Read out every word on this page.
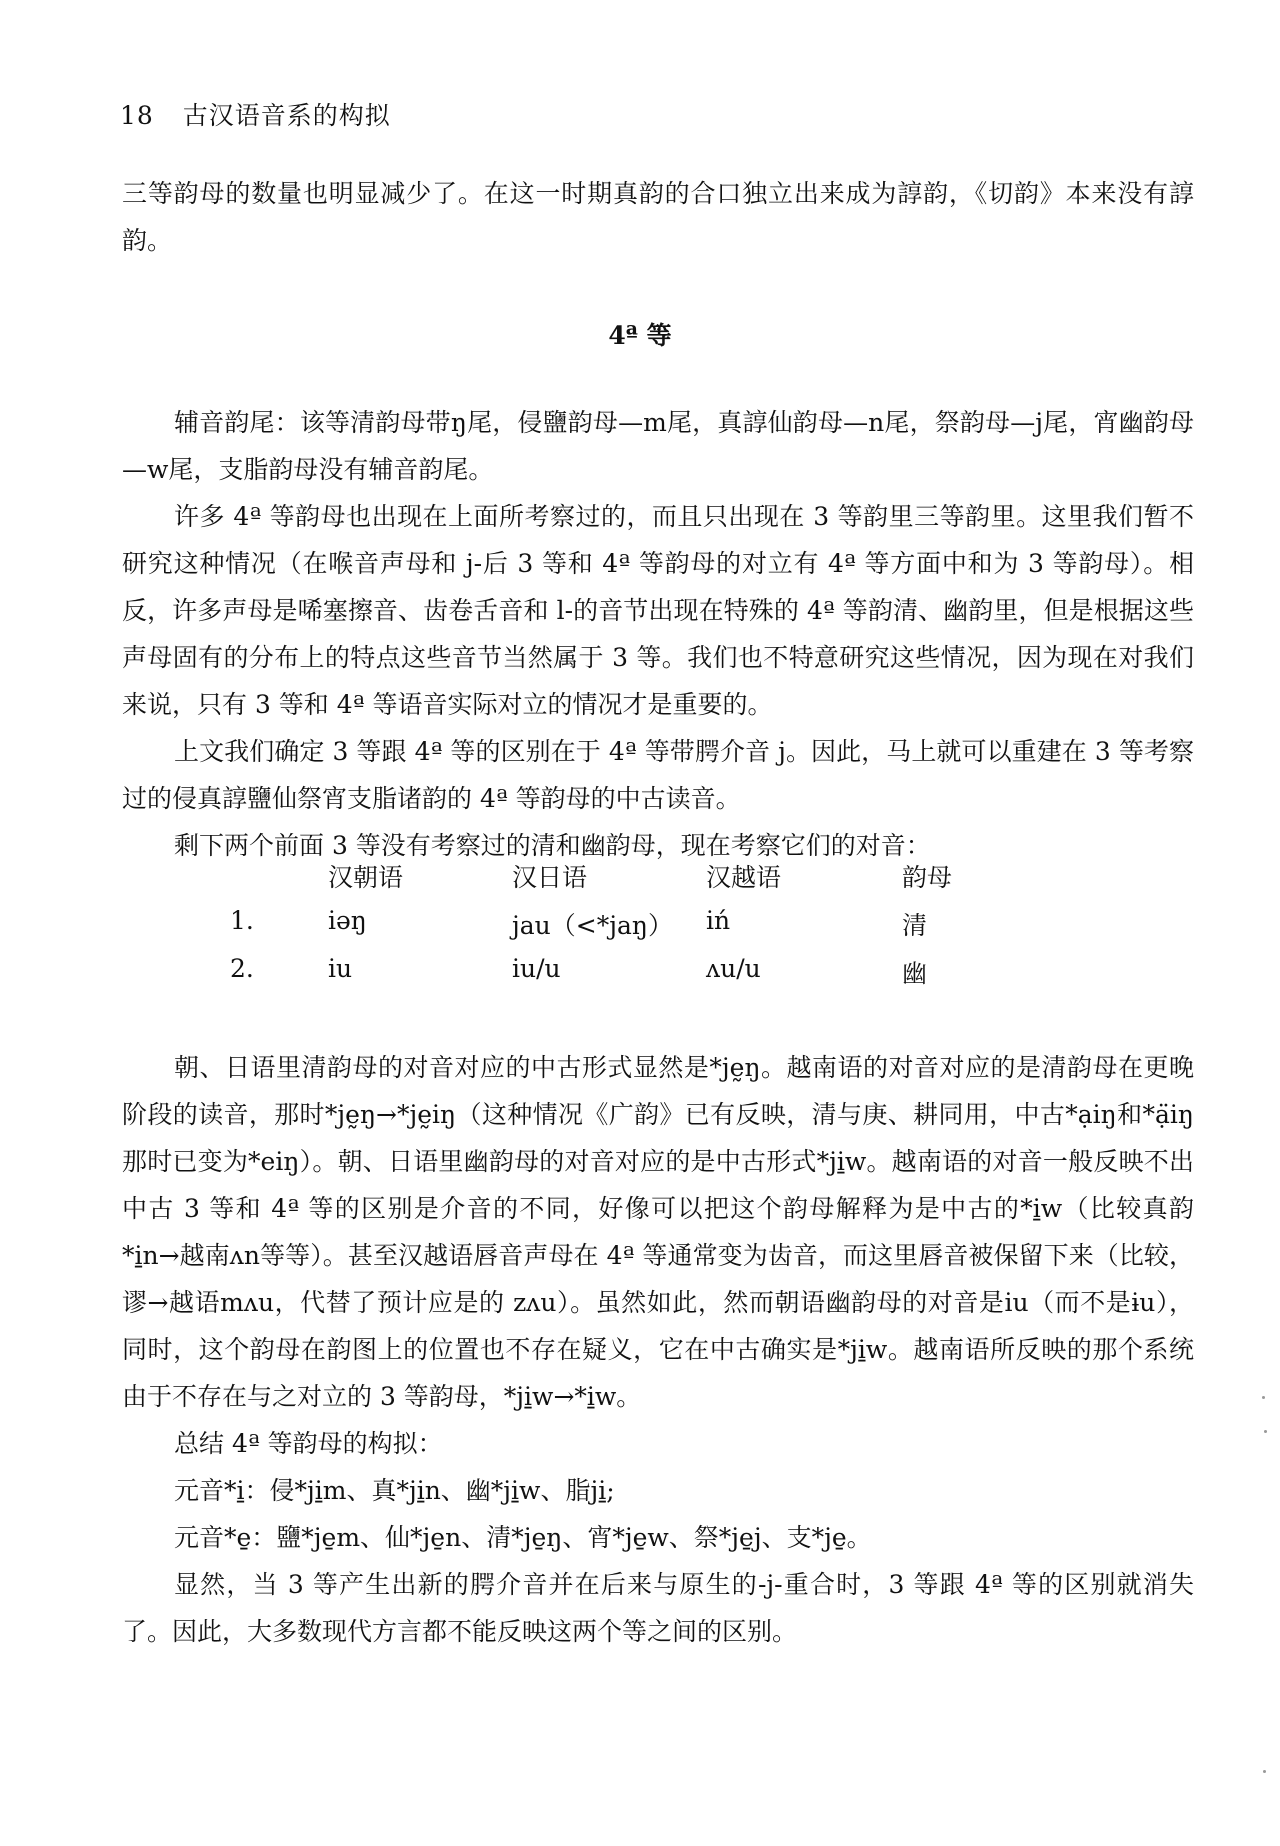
18 古汉语音系的构拟

三等韵母的数量也明显减少了。在这一时期真韵的合口独立出来成为諄韵，《切韵》本来没有諄韵。

4ª 等

辅音韵尾：该等清韵母带ŋ尾，侵鹽韵母—m尾，真諄仙韵母—n尾，祭韵母—j尾，宵幽韵母—w尾，支脂韵母没有辅音韵尾。

许多 4ª 等韵母也出现在上面所考察过的，而且只出现在 3 等韵里三等韵里。这里我们暂不研究这种情况（在喉音声母和 j-后 3 等和 4ª 等韵母的对立有 4ª 等方面中和为 3 等韵母）。相反，许多声母是唏塞擦音、齿卷舌音和 l-的音节出现在特殊的 4ª 等韵清、幽韵里，但是根据这些声母固有的分布上的特点这些音节当然属于 3 等。我们也不特意研究这些情况，因为现在对我们来说，只有 3 等和 4ª 等语音实际对立的情况才是重要的。

上文我们确定 3 等跟 4ª 等的区别在于 4ª 等带腭介音 j。因此，马上就可以重建在 3 等考察过的侵真諄鹽仙祭宵支脂诸韵的 4ª 等韵母的中古读音。

剩下两个前面 3 等没有考察过的清和幽韵母，现在考察它们的对音：

汉朝语	汉日语	汉越语	韵母
1.	iəŋ	jau（<*jaŋ） iń	清
2.	iu	iu/u	ʌu/u	幽

朝、日语里清韵母的对音对应的中古形式显然是*jḛŋ。越南语的对音对应的是清韵母在更晚阶段的读音，那时*jḛŋ→*jḛiŋ（这种情况《广韵》已有反映，清与庚、耕同用，中古*ạiŋ和*ạ̈iŋ那时已变为*eiŋ）。朝、日语里幽韵母的对音对应的是中古形式*ji̱w。越南语的对音一般反映不出中古 3 等和 4ª 等的区别是介音的不同，好像可以把这个韵母解释为是中古的*i̱w（比较真韵*i̱n→越南ʌn等等）。甚至汉越语唇音声母在 4ª 等通常变为齿音，而这里唇音被保留下来（比较，谬→越语mʌu，代替了预计应是的 zʌu）。虽然如此，然而朝语幽韵母的对音是iu（而不是ɨu），同时，这个韵母在韵图上的位置也不存在疑义，它在中古确实是*ji̱w。越南语所反映的那个系统由于不存在与之对立的 3 等韵母，*ji̱w→*i̱w。

总结 4ª 等韵母的构拟：

元音*i̱：侵*ji̱m、真*ji̱n、幽*ji̱w、脂ji̱;

元音*e̱：鹽*je̱m、仙*je̱n、清*je̱ŋ、宵*je̱w、祭*je̱j、支*je̱。

显然，当 3 等产生出新的腭介音并在后来与原生的-j-重合时，3 等跟 4ª 等的区别就消失了。因此，大多数现代方言都不能反映这两个等之间的区别。
